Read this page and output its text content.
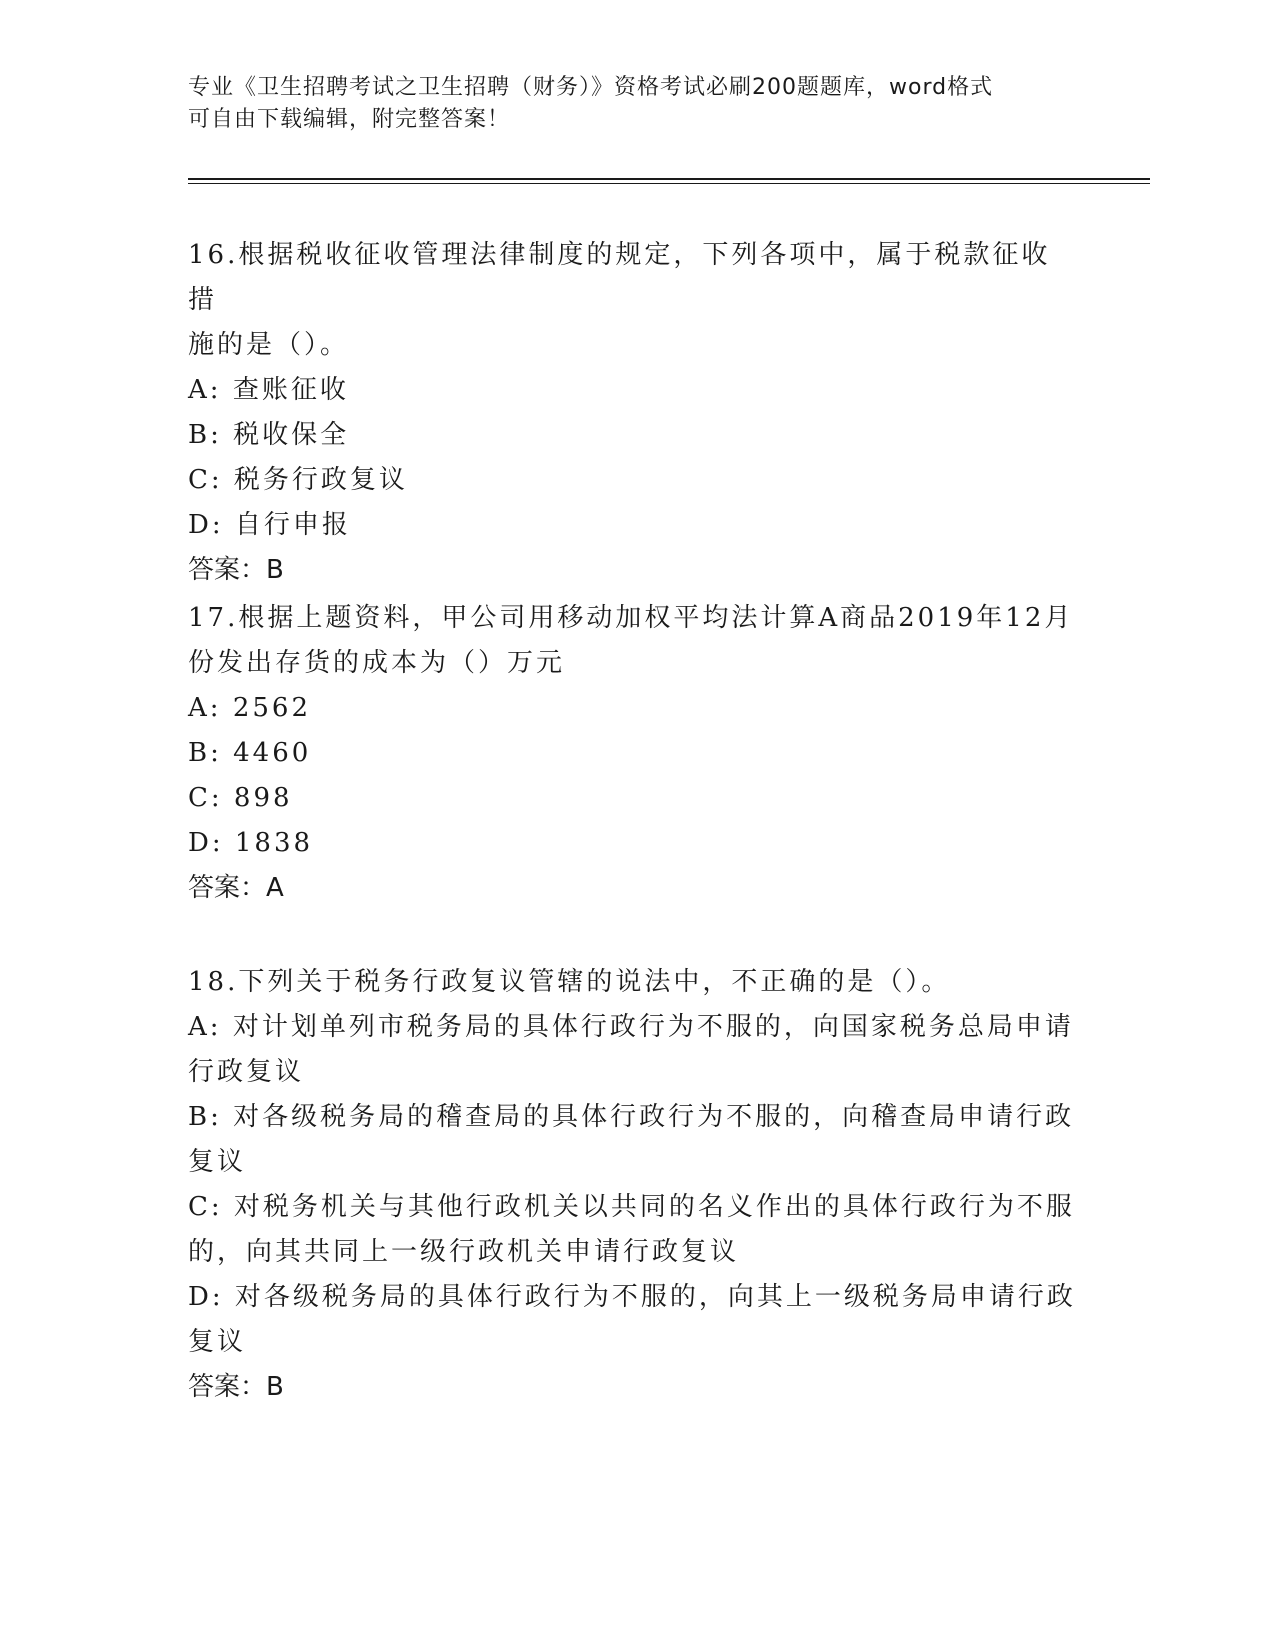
专业《卫生招聘考试之卫生招聘（财务）》资格考试必刷200题题库，word格式
可自由下载编辑，附完整答案！

16.根据税收征收管理法律制度的规定，下列各项中，属于税款征收措

施的是（）。

A: 查账征收

B: 税收保全

C: 税务行政复议

D: 自行申报

答案：B

17.根据上题资料，甲公司用移动加权平均法计算A商品2019年12月

份发出存货的成本为（）万元

A: 2562

B: 4460

C: 898

D: 1838

答案：A

18.下列关于税务行政复议管辖的说法中，不正确的是（）。

A: 对计划单列市税务局的具体行政行为不服的，向国家税务总局申请

行政复议

B: 对各级税务局的稽查局的具体行政行为不服的，向稽查局申请行政

复议

C: 对税务机关与其他行政机关以共同的名义作出的具体行政行为不服

的，向其共同上一级行政机关申请行政复议

D: 对各级税务局的具体行政行为不服的，向其上一级税务局申请行政

复议

答案：B
